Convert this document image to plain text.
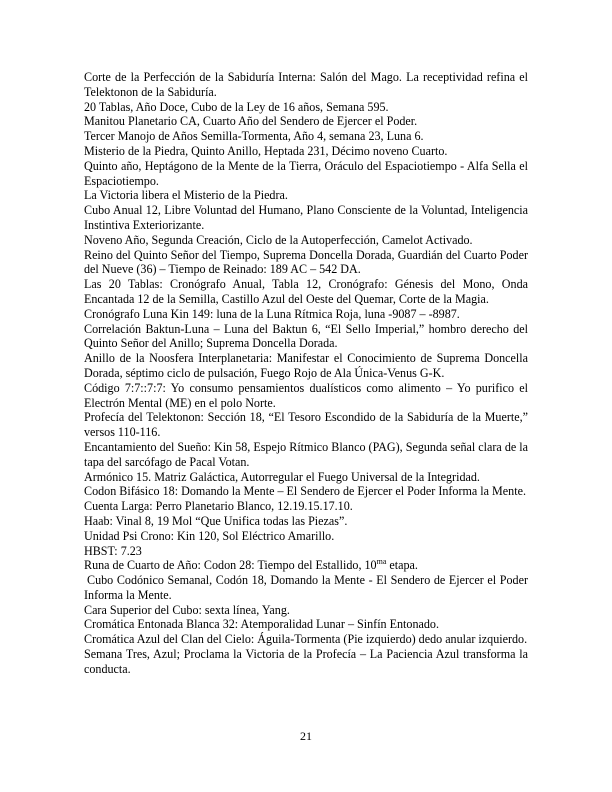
Corte de la Perfección de la Sabiduría Interna: Salón del Mago. La receptividad refina el Telektonon de la Sabiduría.

20 Tablas, Año Doce, Cubo de la Ley de 16 años, Semana 595.

Manitou Planetario CA, Cuarto Año del Sendero de Ejercer el Poder.

Tercer Manojo de Años Semilla-Tormenta, Año 4, semana 23, Luna 6.

Misterio de la Piedra, Quinto Anillo, Heptada 231, Décimo noveno Cuarto.

Quinto año, Heptágono de la Mente de la Tierra, Oráculo del Espaciotiempo - Alfa Sella el Espaciotiempo.

La Victoria libera el Misterio de la Piedra.

Cubo Anual 12, Libre Voluntad del Humano, Plano Consciente de la Voluntad, Inteligencia Instintiva Exteriorizante.

Noveno Año, Segunda Creación, Ciclo de la Autoperfección, Camelot Activado.

Reino del Quinto Señor del Tiempo, Suprema Doncella Dorada, Guardián del Cuarto Poder del Nueve (36) – Tiempo de Reinado: 189 AC – 542 DA.

Las 20 Tablas: Cronógrafo Anual, Tabla 12, Cronógrafo: Génesis del Mono, Onda Encantada 12 de la Semilla, Castillo Azul del Oeste del Quemar, Corte de la Magia.

Cronógrafo Luna Kin 149: luna de la Luna Rítmica Roja, luna -9087 – -8987.

Correlación Baktun-Luna – Luna del Baktun 6, “El Sello Imperial,” hombro derecho del Quinto Señor del Anillo; Suprema Doncella Dorada.

Anillo de la Noosfera Interplanetaria: Manifestar el Conocimiento de Suprema Doncella Dorada, séptimo ciclo de pulsación, Fuego Rojo de Ala Única-Venus G-K.

Código 7:7::7:7: Yo consumo pensamientos dualísticos como alimento – Yo purifico el Electrón Mental (ME) en el polo Norte.

Profecía del Telektonon: Sección 18, “El Tesoro Escondido de la Sabiduría de la Muerte,” versos 110-116.

Encantamiento del Sueño: Kin 58, Espejo Rítmico Blanco (PAG), Segunda señal clara de la tapa del sarcófago de Pacal Votan.

Armónico 15. Matriz Galáctica, Autorregular el Fuego Universal de la Integridad.

Codon Bifásico 18: Domando la Mente – El Sendero de Ejercer el Poder Informa la Mente.

Cuenta Larga: Perro Planetario Blanco, 12.19.15.17.10.

Haab: Vinal 8, 19 Mol “Que Unifica todas las Piezas”.

Unidad Psi Crono: Kin 120, Sol Eléctrico Amarillo.

HBST: 7.23

Runa de Cuarto de Año: Codon 28: Tiempo del Estallido, $10^{ma}$ etapa.

Cubo Codónico Semanal, Codón 18, Domando la Mente - El Sendero de Ejercer el Poder Informa la Mente.

Cara Superior del Cubo: sexta línea, Yang.

Cromática Entonada Blanca 32: Atemporalidad Lunar – Sinfín Entonado.

Cromática Azul del Clan del Cielo: Águila-Tormenta (Pie izquierdo) dedo anular izquierdo.

Semana Tres, Azul; Proclama la Victoria de la Profecía – La Paciencia Azul transforma la conducta.

21
